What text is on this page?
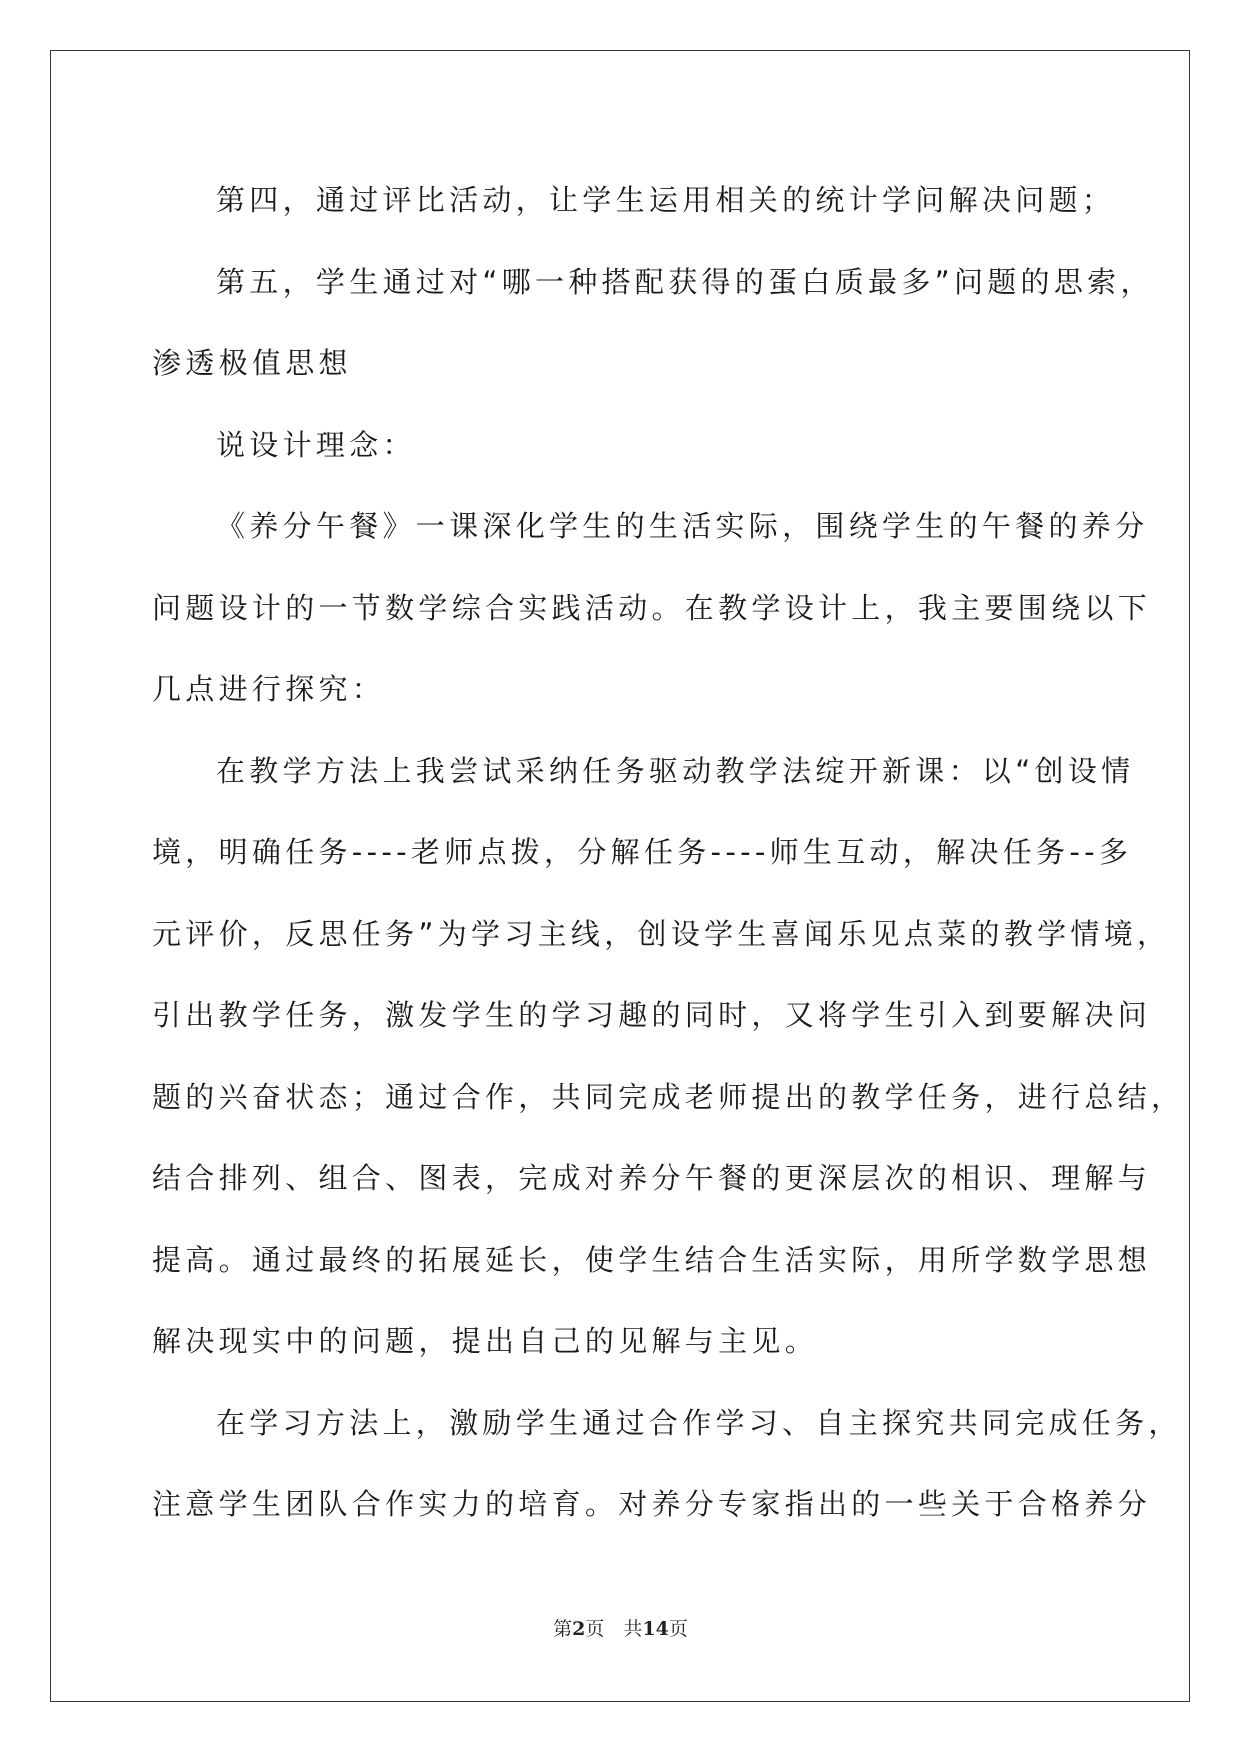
第四，通过评比活动，让学生运用相关的统计学问解决问题；
第五，学生通过对“哪一种搭配获得的蛋白质最多”问题的思索，
渗透极值思想
说设计理念：
《养分午餐》一课深化学生的生活实际，围绕学生的午餐的养分
问题设计的一节数学综合实践活动。在教学设计上，我主要围绕以下
几点进行探究：
在教学方法上我尝试采纳任务驱动教学法绽开新课：以“创设情
境，明确任务----老师点拨，分解任务----师生互动，解决任务--多
元评价，反思任务”为学习主线，创设学生喜闻乐见点菜的教学情境，
引出教学任务，激发学生的学习趣的同时，又将学生引入到要解决问
题的兴奋状态；通过合作，共同完成老师提出的教学任务，进行总结，
结合排列、组合、图表，完成对养分午餐的更深层次的相识、理解与
提高。通过最终的拓展延长，使学生结合生活实际，用所学数学思想
解决现实中的问题，提出自己的见解与主见。
在学习方法上，激励学生通过合作学习、自主探究共同完成任务，
注意学生团队合作实力的培育。对养分专家指出的一些关于合格养分
第2页　共14页
